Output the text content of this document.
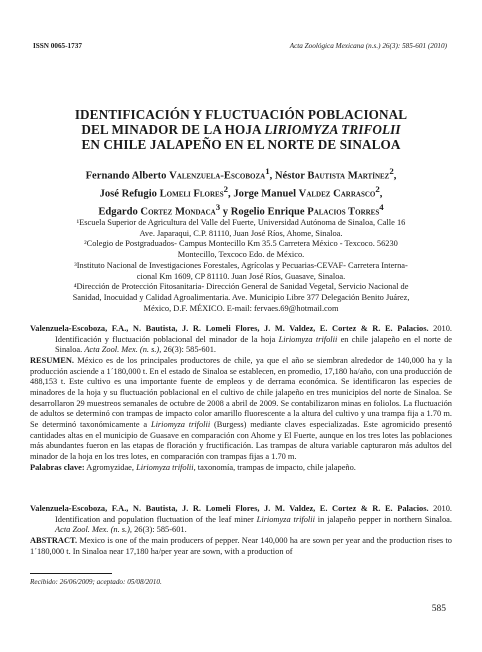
ISSN 0065-1737	Acta Zoológica Mexicana (n.s.) 26(3): 585-601 (2010)
IDENTIFICACIÓN Y FLUCTUACIÓN POBLACIONAL
DEL MINADOR DE LA HOJA LIRIOMYZA TRIFOLII
EN CHILE JALAPEÑO EN EL NORTE DE SINALOA
Fernando Alberto Valenzuela-Escoboza$^1$, Néstor Bautista Martínez$^2$,
José Refugio Lomeli Flores$^2$, Jorge Manuel Valdez Carrasco$^2$,
Edgardo Cortez Mondaca$^3$ y Rogelio Enrique Palacios Torres$^4$
¹Escuela Superior de Agricultura del Valle del Fuerte, Universidad Autónoma de Sinaloa, Calle 16
Ave. Japaraqui, C.P. 81110, Juan José Ríos, Ahome, Sinaloa.
²Colegio de Postgraduados- Campus Montecillo Km 35.5 Carretera México - Texcoco. 56230
Montecillo, Texcoco Edo. de México.
³Instituto Nacional de Investigaciones Forestales, Agrícolas y Pecuarias-CEVAF- Carretera Interna-
cional Km 1609, CP 81110. Juan José Ríos, Guasave, Sinaloa.
⁴Dirección de Protección Fitosanitaria- Dirección General de Sanidad Vegetal, Servicio Nacional de
Sanidad, Inocuidad y Calidad Agroalimentaria. Ave. Municipio Libre 377 Delegación Benito Juárez,
México, D.F. MÉXICO. E-mail: fervaes.69@hotmail.com

Valenzuela-Escoboza, F.A., N. Bautista, J. R. Lomeli Flores, J. M. Valdez, E. Cortez & R. E. Palacios. 2010. Identificación y fluctuación poblacional del minador de la hoja Liriomyza trifolii en chile jalapeño en el norte de Sinaloa. Acta Zool. Mex. (n. s.), 26(3): 585-601.

RESUMEN. México es de los principales productores de chile, ya que el año se siembran alrededor de 140,000 ha y la producción asciende a 1´180,000 t. En el estado de Sinaloa se establecen, en promedio, 17,180 ha/año, con una producción de 488,153 t. Este cultivo es una importante fuente de empleos y de derrama económica. Se identificaron las especies de minadores de la hoja y su fluctuación poblacional en el cultivo de chile jalapeño en tres municipios del norte de Sinaloa. Se desarrollaron 29 muestreos semanales de octubre de 2008 a abril de 2009. Se contabilizaron minas en foliolos. La fluctuación de adultos se determinó con trampas de impacto color amarillo fluorescente a la altura del cultivo y una trampa fija a 1.70 m. Se determinó taxonómicamente a Liriomyza trifolii (Burgess) mediante claves especializadas. Este agromicido presentó cantidades altas en el municipio de Guasave en comparación con Ahome y El Fuerte, aunque en los tres lotes las poblaciones más abundantes fueron en las etapas de floración y fructificación. Las trampas de altura variable capturaron más adultos del minador de la hoja en los tres lotes, en comparación con trampas fijas a 1.70 m.

Palabras clave: Agromyzidae, Liriomyza trifolii, taxonomía, trampas de impacto, chile jalapeño.

Valenzuela-Escoboza, F.A., N. Bautista, J. R. Lomeli Flores, J. M. Valdez, E. Cortez & R. E. Palacios. 2010. Identification and population fluctuation of the leaf miner Liriomyza trifolii in jalapeño pepper in northern Sinaloa. Acta Zool. Mex. (n. s.), 26(3): 585-601.

ABSTRACT. Mexico is one of the main producers of pepper. Near 140,000 ha are sown per year and the production rises to 1´180,000 t. In Sinaloa near 17,180 ha/per year are sown, with a production of

Recibido: 26/06/2009; aceptado: 05/08/2010.
585
